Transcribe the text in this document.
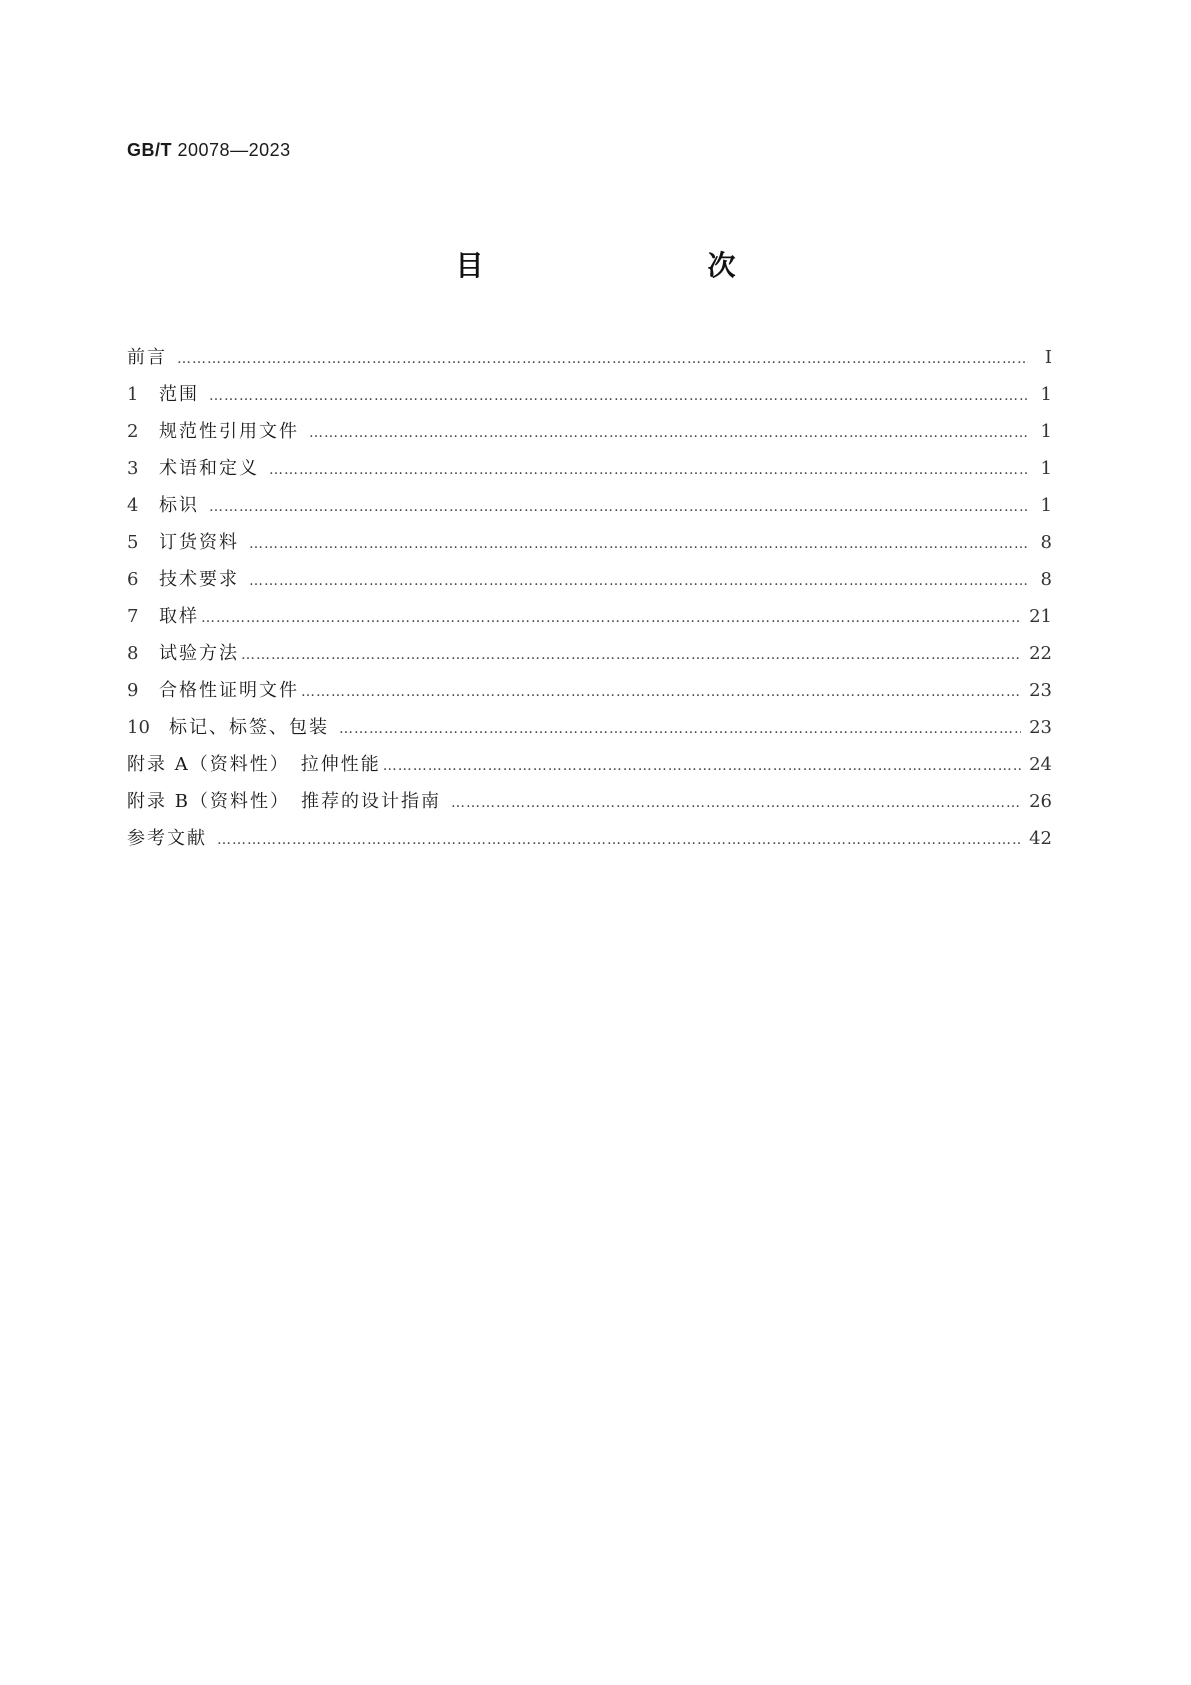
GB/T 20078—2023
目　　次
前言 …………………………………………………………………………………………………………………………………………………………………………………………………………………………………………………………………………	Ⅰ
1	范围 …………………………………………………………………………………………………………………………………………………………………………………………………………………………………………………………………………	1
2	规范性引用文件 …………………………………………………………………………………………………………………………………………………………………………………………………………………………………………………………………………	1
3	术语和定义 …………………………………………………………………………………………………………………………………………………………………………………………………………………………………………………………………………	1
4	标识 …………………………………………………………………………………………………………………………………………………………………………………………………………………………………………………………………………	1
5	订货资料 …………………………………………………………………………………………………………………………………………………………………………………………………………………………………………………………………………	8
6	技术要求 …………………………………………………………………………………………………………………………………………………………………………………………………………………………………………………………………………	8
7	取样 …………………………………………………………………………………………………………………………………………………………………………………………………………………………………………………………………………	21
8	试验方法 …………………………………………………………………………………………………………………………………………………………………………………………………………………………………………………………………………	22
9	合格性证明文件 …………………………………………………………………………………………………………………………………………………………………………………………………………………………………………………………………………	23
10	标记、标签、包装 …………………………………………………………………………………………………………………………………………………………………………………………………………………………………………………………………………	23
附录 A（资料性）　拉伸性能 …………………………………………………………………………………………………………………………………………………………………………………………………………………………………………………………………………	24
附录 B（资料性）　推荐的设计指南 …………………………………………………………………………………………………………………………………………………………………………………………………………………………………………………………………………	26
参考文献 …………………………………………………………………………………………………………………………………………………………………………………………………………………………………………………………………………	42
